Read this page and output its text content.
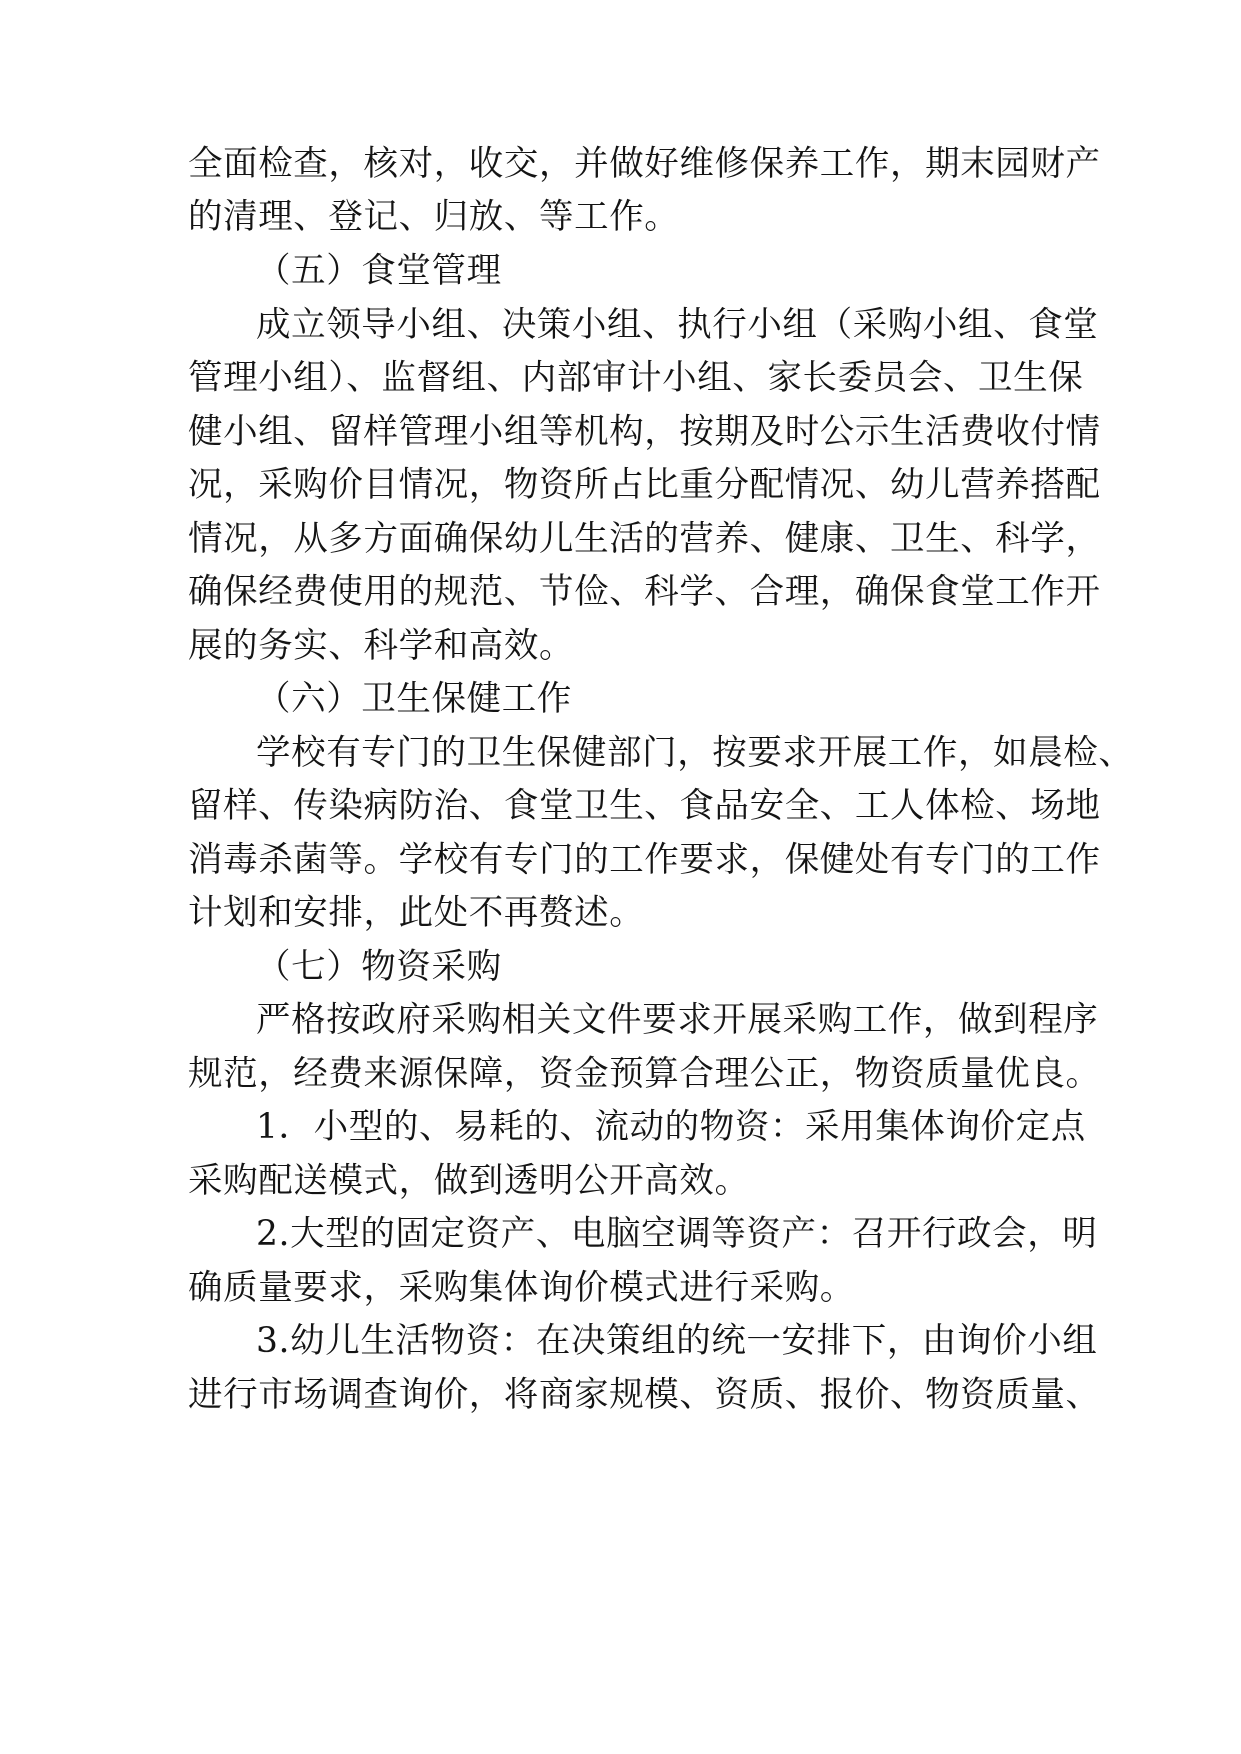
全面检查，核对，收交，并做好维修保养工作，期末园财产
的清理、登记、归放、等工作。
（五）食堂管理
成立领导小组、决策小组、执行小组（采购小组、食堂
管理小组）、监督组、内部审计小组、家长委员会、卫生保
健小组、留样管理小组等机构，按期及时公示生活费收付情
况，采购价目情况，物资所占比重分配情况、幼儿营养搭配
情况，从多方面确保幼儿生活的营养、健康、卫生、科学，
确保经费使用的规范、节俭、科学、合理，确保食堂工作开
展的务实、科学和高效。
（六）卫生保健工作
学校有专门的卫生保健部门，按要求开展工作，如晨检、
留样、传染病防治、食堂卫生、食品安全、工人体检、场地
消毒杀菌等。学校有专门的工作要求，保健处有专门的工作
计划和安排，此处不再赘述。
（七）物资采购
严格按政府采购相关文件要求开展采购工作，做到程序
规范，经费来源保障，资金预算合理公正，物资质量优良。
1．小型的、易耗的、流动的物资：采用集体询价定点
采购配送模式，做到透明公开高效。
2.大型的固定资产、电脑空调等资产：召开行政会，明
确质量要求，采购集体询价模式进行采购。
3.幼儿生活物资：在决策组的统一安排下，由询价小组
进行市场调查询价，将商家规模、资质、报价、物资质量、
